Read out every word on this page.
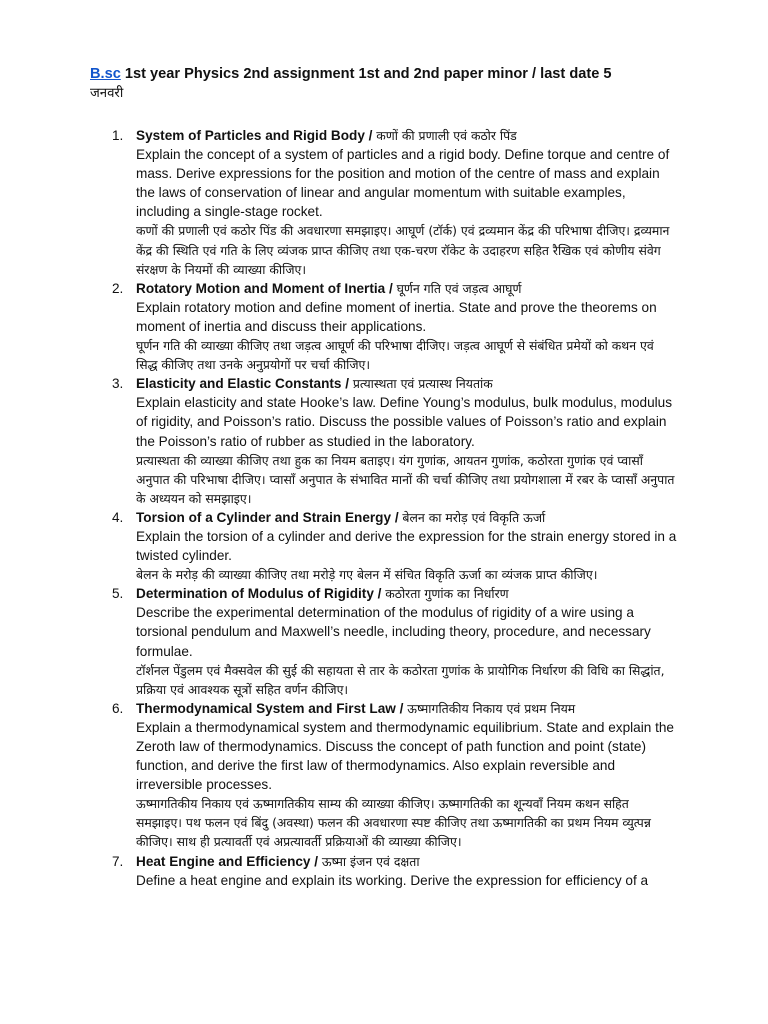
B.sc 1st year Physics 2nd assignment 1st and 2nd paper minor / last date 5

जनवरी
1. System of Particles and Rigid Body / कणों की प्रणाली एवं कठोर पिंड
Explain the concept of a system of particles and a rigid body. Define torque and centre of mass. Derive expressions for the position and motion of the centre of mass and explain the laws of conservation of linear and angular momentum with suitable examples, including a single-stage rocket.
कणों की प्रणाली एवं कठोर पिंड की अवधारणा समझाइए। आघूर्ण (टॉर्क) एवं द्रव्यमान केंद्र की परिभाषा दीजिए। द्रव्यमान केंद्र की स्थिति एवं गति के लिए व्यंजक प्राप्त कीजिए तथा एक-चरण रॉकेट के उदाहरण सहित रैखिक एवं कोणीय संवेग संरक्षण के नियमों की व्याख्या कीजिए।
2. Rotatory Motion and Moment of Inertia / घूर्णन गति एवं जड़त्व आघूर्ण
Explain rotatory motion and define moment of inertia. State and prove the theorems on moment of inertia and discuss their applications.
घूर्णन गति की व्याख्या कीजिए तथा जड़त्व आघूर्ण की परिभाषा दीजिए। जड़त्व आघूर्ण से संबंधित प्रमेयों को कथन एवं सिद्ध कीजिए तथा उनके अनुप्रयोगों पर चर्चा कीजिए।
3. Elasticity and Elastic Constants / प्रत्यास्थता एवं प्रत्यास्थ नियतांक
Explain elasticity and state Hooke’s law. Define Young’s modulus, bulk modulus, modulus of rigidity, and Poisson’s ratio. Discuss the possible values of Poisson’s ratio and explain the Poisson’s ratio of rubber as studied in the laboratory.
प्रत्यास्थता की व्याख्या कीजिए तथा हुक का नियम बताइए। यंग गुणांक, आयतन गुणांक, कठोरता गुणांक एवं प्वासॉं अनुपात की परिभाषा दीजिए। प्वासॉं अनुपात के संभावित मानों की चर्चा कीजिए तथा प्रयोगशाला में रबर के प्वासॉं अनुपात के अध्ययन को समझाइए।
4. Torsion of a Cylinder and Strain Energy / बेलन का मरोड़ एवं विकृति ऊर्जा
Explain the torsion of a cylinder and derive the expression for the strain energy stored in a twisted cylinder.
बेलन के मरोड़ की व्याख्या कीजिए तथा मरोड़े गए बेलन में संचित विकृति ऊर्जा का व्यंजक प्राप्त कीजिए।
5. Determination of Modulus of Rigidity / कठोरता गुणांक का निर्धारण
Describe the experimental determination of the modulus of rigidity of a wire using a torsional pendulum and Maxwell’s needle, including theory, procedure, and necessary formulae.
टॉर्शनल पेंडुलम एवं मैक्सवेल की सुई की सहायता से तार के कठोरता गुणांक के प्रायोगिक निर्धारण की विधि का सिद्धांत, प्रक्रिया एवं आवश्यक सूत्रों सहित वर्णन कीजिए।
6. Thermodynamical System and First Law / ऊष्मागतिकीय निकाय एवं प्रथम नियम
Explain a thermodynamical system and thermodynamic equilibrium. State and explain the Zeroth law of thermodynamics. Discuss the concept of path function and point (state) function, and derive the first law of thermodynamics. Also explain reversible and irreversible processes.
ऊष्मागतिकीय निकाय एवं ऊष्मागतिकीय साम्य की व्याख्या कीजिए। ऊष्मागतिकी का शून्यवाँ नियम कथन सहित समझाइए। पथ फलन एवं बिंदु (अवस्था) फलन की अवधारणा स्पष्ट कीजिए तथा ऊष्मागतिकी का प्रथम नियम व्युत्पन्न कीजिए। साथ ही प्रत्यावर्ती एवं अप्रत्यावर्ती प्रक्रियाओं की व्याख्या कीजिए।
7. Heat Engine and Efficiency / ऊष्मा इंजन एवं दक्षता
Define a heat engine and explain its working. Derive the expression for efficiency of a
